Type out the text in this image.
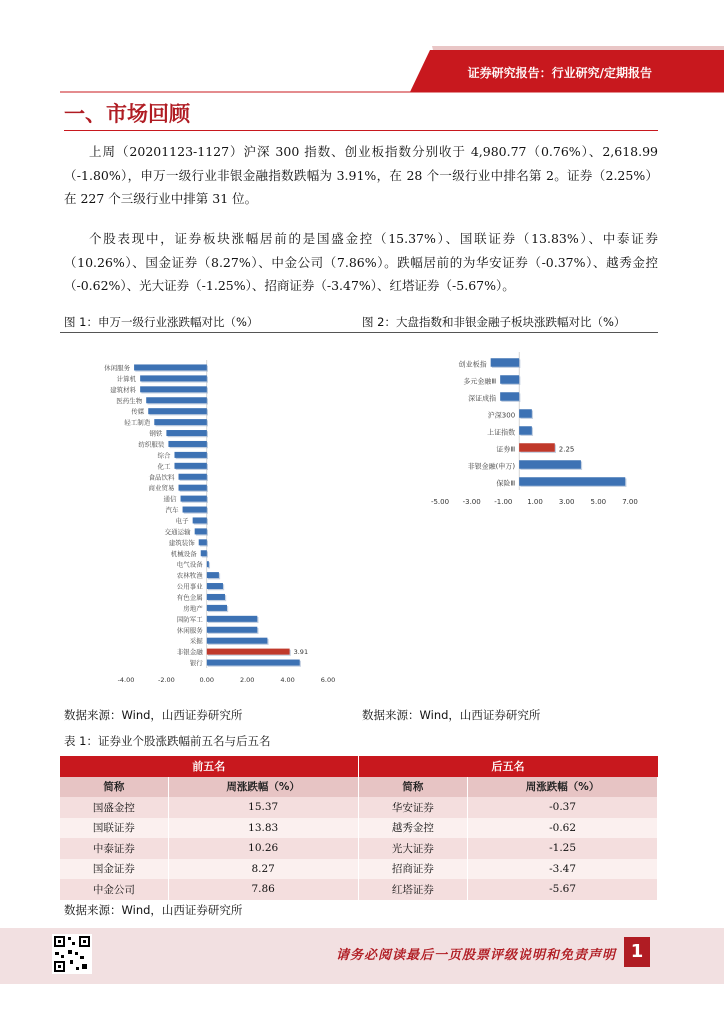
证券研究报告：行业研究/定期报告
一、市场回顾
上周（20201123-1127）沪深 300 指数、创业板指数分别收于 4,980.77（0.76%）、2,618.99（-1.80%），申万一级行业非银金融指数跌幅为 3.91%，在 28 个一级行业中排名第 2。证券（2.25%）在 227 个三级行业中排第 31 位。
个股表现中，证券板块涨幅居前的是国盛金控（15.37%）、国联证券（13.83%）、中泰证券（10.26%）、国金证券（8.27%）、中金公司（7.86%）。跌幅居前的为华安证券（-0.37%）、越秀金控（-0.62%）、光大证券（-1.25%）、招商证券（-3.47%）、红塔证券（-5.67%）。
图 1：申万一级行业涨跌幅对比（%）	图 2：大盘指数和非银金融子板块涨跌幅对比（%）
休闲服务
计算机
建筑材料
医药生物
传媒
轻工制造
钢铁
纺织服装
综合
化工
食品饮料
商业贸易
通信
汽车
电子
交通运输
建筑装饰
机械设备
电气设备
农林牧渔
公用事业
有色金属
房地产
国防军工
休闲服务
采掘
非银金融	3.91
银行
-4.00	-2.00	0.00	2.00	4.00	6.00
创业板指
多元金融Ⅲ
深证成指
沪深300
上证指数
证券Ⅲ	2.25
非银金融(申万)
保险Ⅲ
-5.00 -3.00 -1.00 1.00 3.00 5.00 7.00
数据来源：Wind，山西证券研究所	数据来源：Wind，山西证券研究所
表 1：证券业个股涨跌幅前五名与后五名
前五名		后五名	
简称	周涨跌幅（%）	简称	周涨跌幅（%）
国盛金控	15.37	华安证券	-0.37
国联证券	13.83	越秀金控	-0.62
中泰证券	10.26	光大证券	-1.25
国金证券	8.27	招商证券	-3.47
中金公司	7.86	红塔证券	-5.67
数据来源：Wind，山西证券研究所
请务必阅读最后一页股票评级说明和免责声明 1
